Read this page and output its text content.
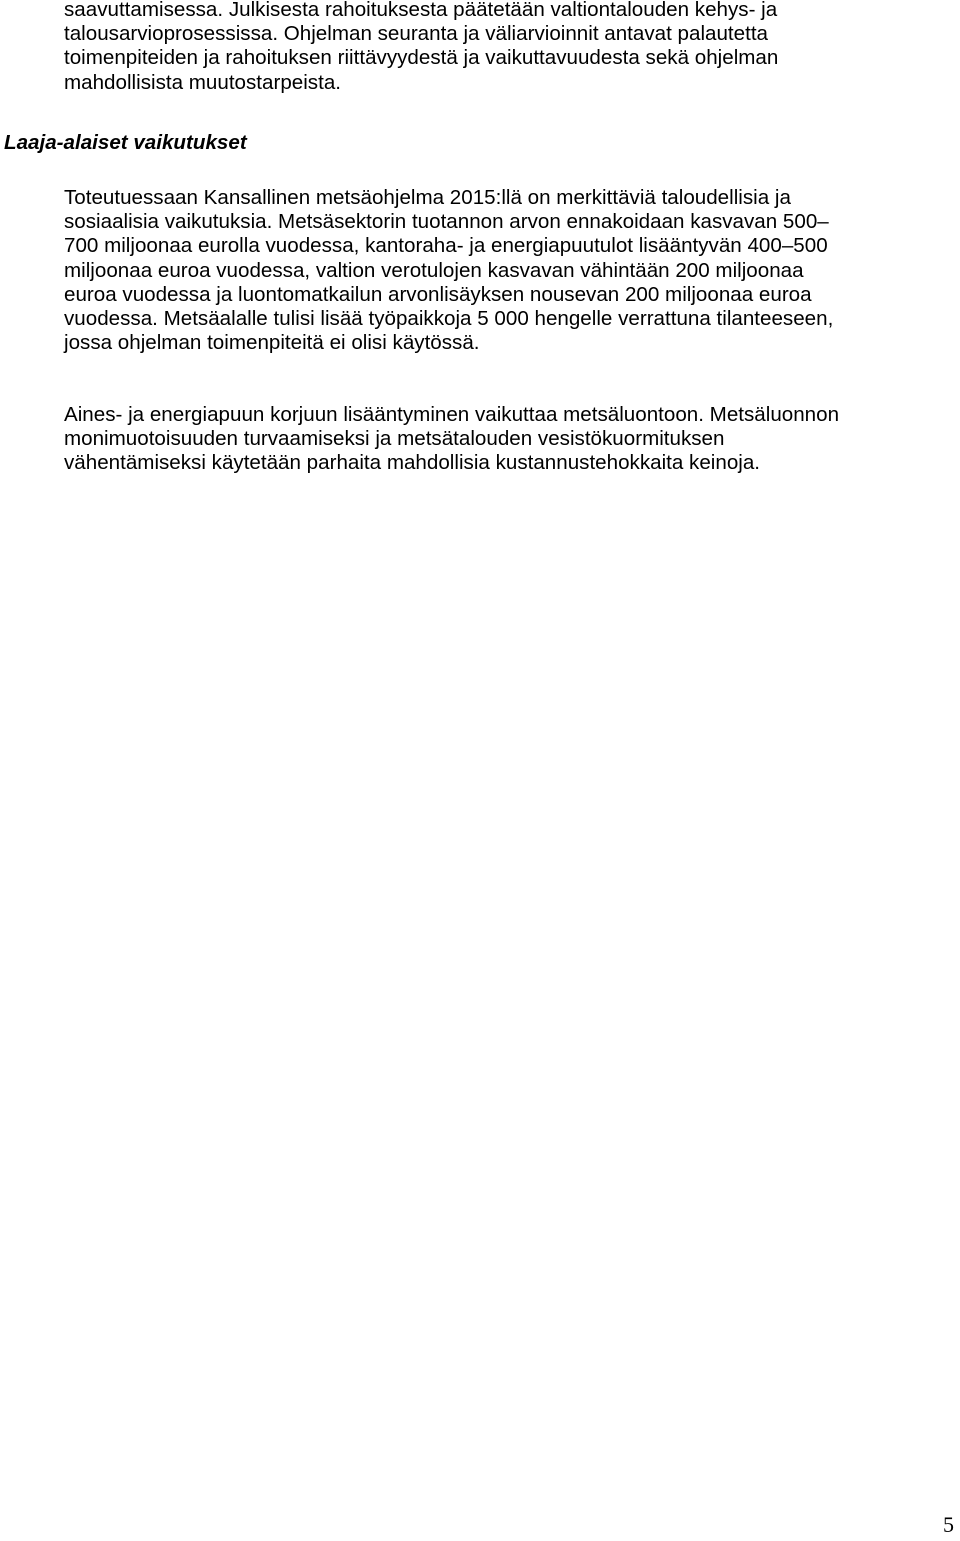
saavuttamisessa. Julkisesta rahoituksesta päätetään valtiontalouden kehys- ja
talousarvioprosessissa. Ohjelman seuranta ja väliarvioinnit antavat palautetta
toimenpiteiden ja rahoituksen riittävyydestä ja vaikuttavuudesta sekä ohjelman
mahdollisista muutostarpeista.

Laaja-alaiset vaikutukset

Toteutuessaan Kansallinen metsäohjelma 2015:llä on merkittäviä taloudellisia ja
sosiaalisia vaikutuksia. Metsäsektorin tuotannon arvon ennakoidaan kasvavan 500–
700 miljoonaa eurolla vuodessa, kantoraha- ja energiapuutulot lisääntyvän 400–500
miljoonaa euroa vuodessa, valtion verotulojen kasvavan vähintään 200 miljoonaa
euroa vuodessa ja luontomatkailun arvonlisäyksen nousevan 200 miljoonaa euroa
vuodessa. Metsäalalle tulisi lisää työpaikkoja 5 000 hengelle verrattuna tilanteeseen,
jossa ohjelman toimenpiteitä ei olisi käytössä.

Aines- ja energiapuun korjuun lisääntyminen vaikuttaa metsäluontoon. Metsäluonnon
monimuotoisuuden turvaamiseksi ja metsätalouden vesistökuormituksen
vähentämiseksi käytetään parhaita mahdollisia kustannustehokkaita keinoja.

5
